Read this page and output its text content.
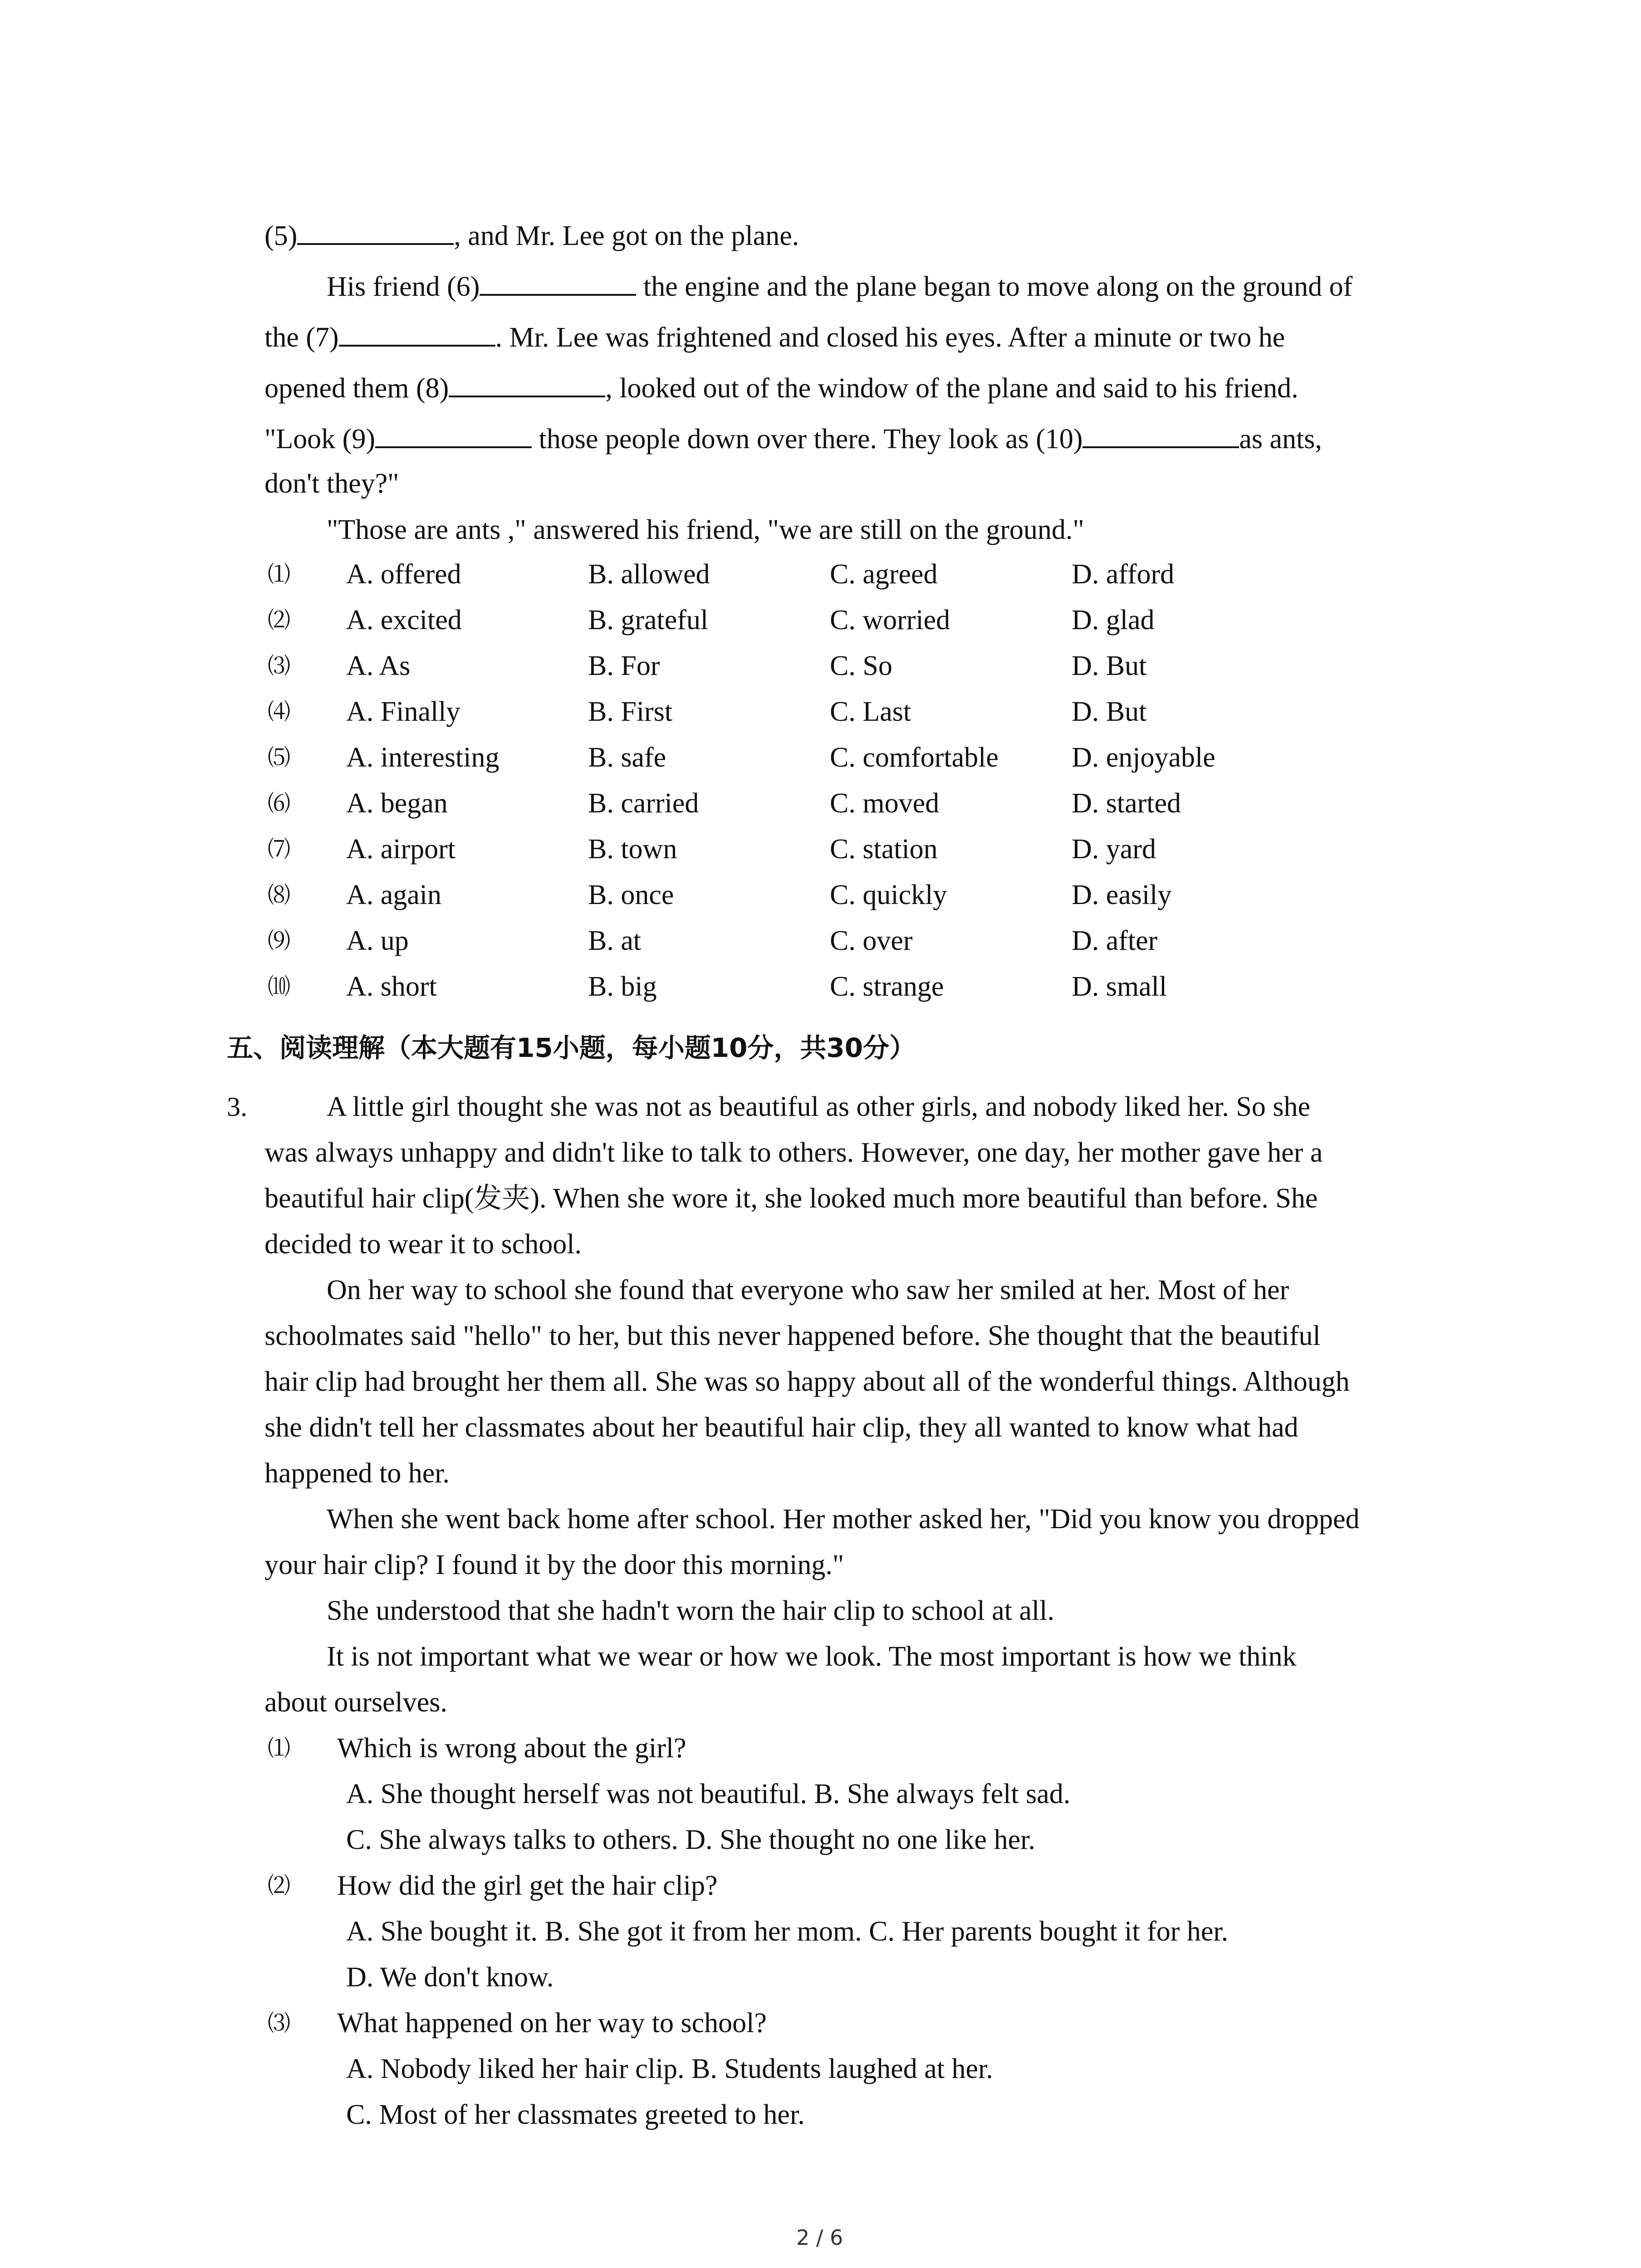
(5)	, and Mr. Lee got on the plane.
His friend (6)	the engine and the plane began to move along on the ground of
the (7)	. Mr. Lee was frightened and closed his eyes. After a minute or two he
opened them (8)	, looked out of the window of the plane and said to his friend.
"Look (9)	those people down over there. They look as (10)	as ants,
don't they?"
"Those are ants ," answered his friend, "we are still on the ground."
⑴ A. offered	B. allowed	C. agreed	D. afford
⑵ A. excited	B. grateful	C. worried	D. glad
⑶ A. As	B. For	C. So	D. But
⑷ A. Finally	B. First	C. Last	D. But
⑸ A. interesting	B. safe	C. comfortable	D. enjoyable
⑹ A. began	B. carried	C. moved	D. started
⑺ A. airport	B. town	C. station	D. yard
⑻ A. again	B. once	C. quickly	D. easily
⑼ A. up	B. at	C. over	D. after
⑽ A. short	B. big	C. strange	D. small
五、阅读理解（本大题有15小题，每小题10分，共30分）
3.	A little girl thought she was not as beautiful as other girls, and nobody liked her. So she
was always unhappy and didn't like to talk to others. However, one day, her mother gave her a
beautiful hair clip(发夹). When she wore it, she looked much more beautiful than before. She
decided to wear it to school.
On her way to school she found that everyone who saw her smiled at her. Most of her
schoolmates said "hello" to her, but this never happened before. She thought that the beautiful
hair clip had brought her them all. She was so happy about all of the wonderful things. Although
she didn't tell her classmates about her beautiful hair clip, they all wanted to know what had
happened to her.
When she went back home after school. Her mother asked her, "Did you know you dropped
your hair clip? I found it by the door this morning."
She understood that she hadn't worn the hair clip to school at all.
It is not important what we wear or how we look. The most important is how we think
about ourselves.
⑴ Which is wrong about the girl?
A. She thought herself was not beautiful. B. She always felt sad.
C. She always talks to others. D. She thought no one like her.
⑵ How did the girl get the hair clip?
A. She bought it. B. She got it from her mom. C. Her parents bought it for her.
D. We don't know.
⑶ What happened on her way to school?
A. Nobody liked her hair clip. B. Students laughed at her.
C. Most of her classmates greeted to her.
2 / 6
